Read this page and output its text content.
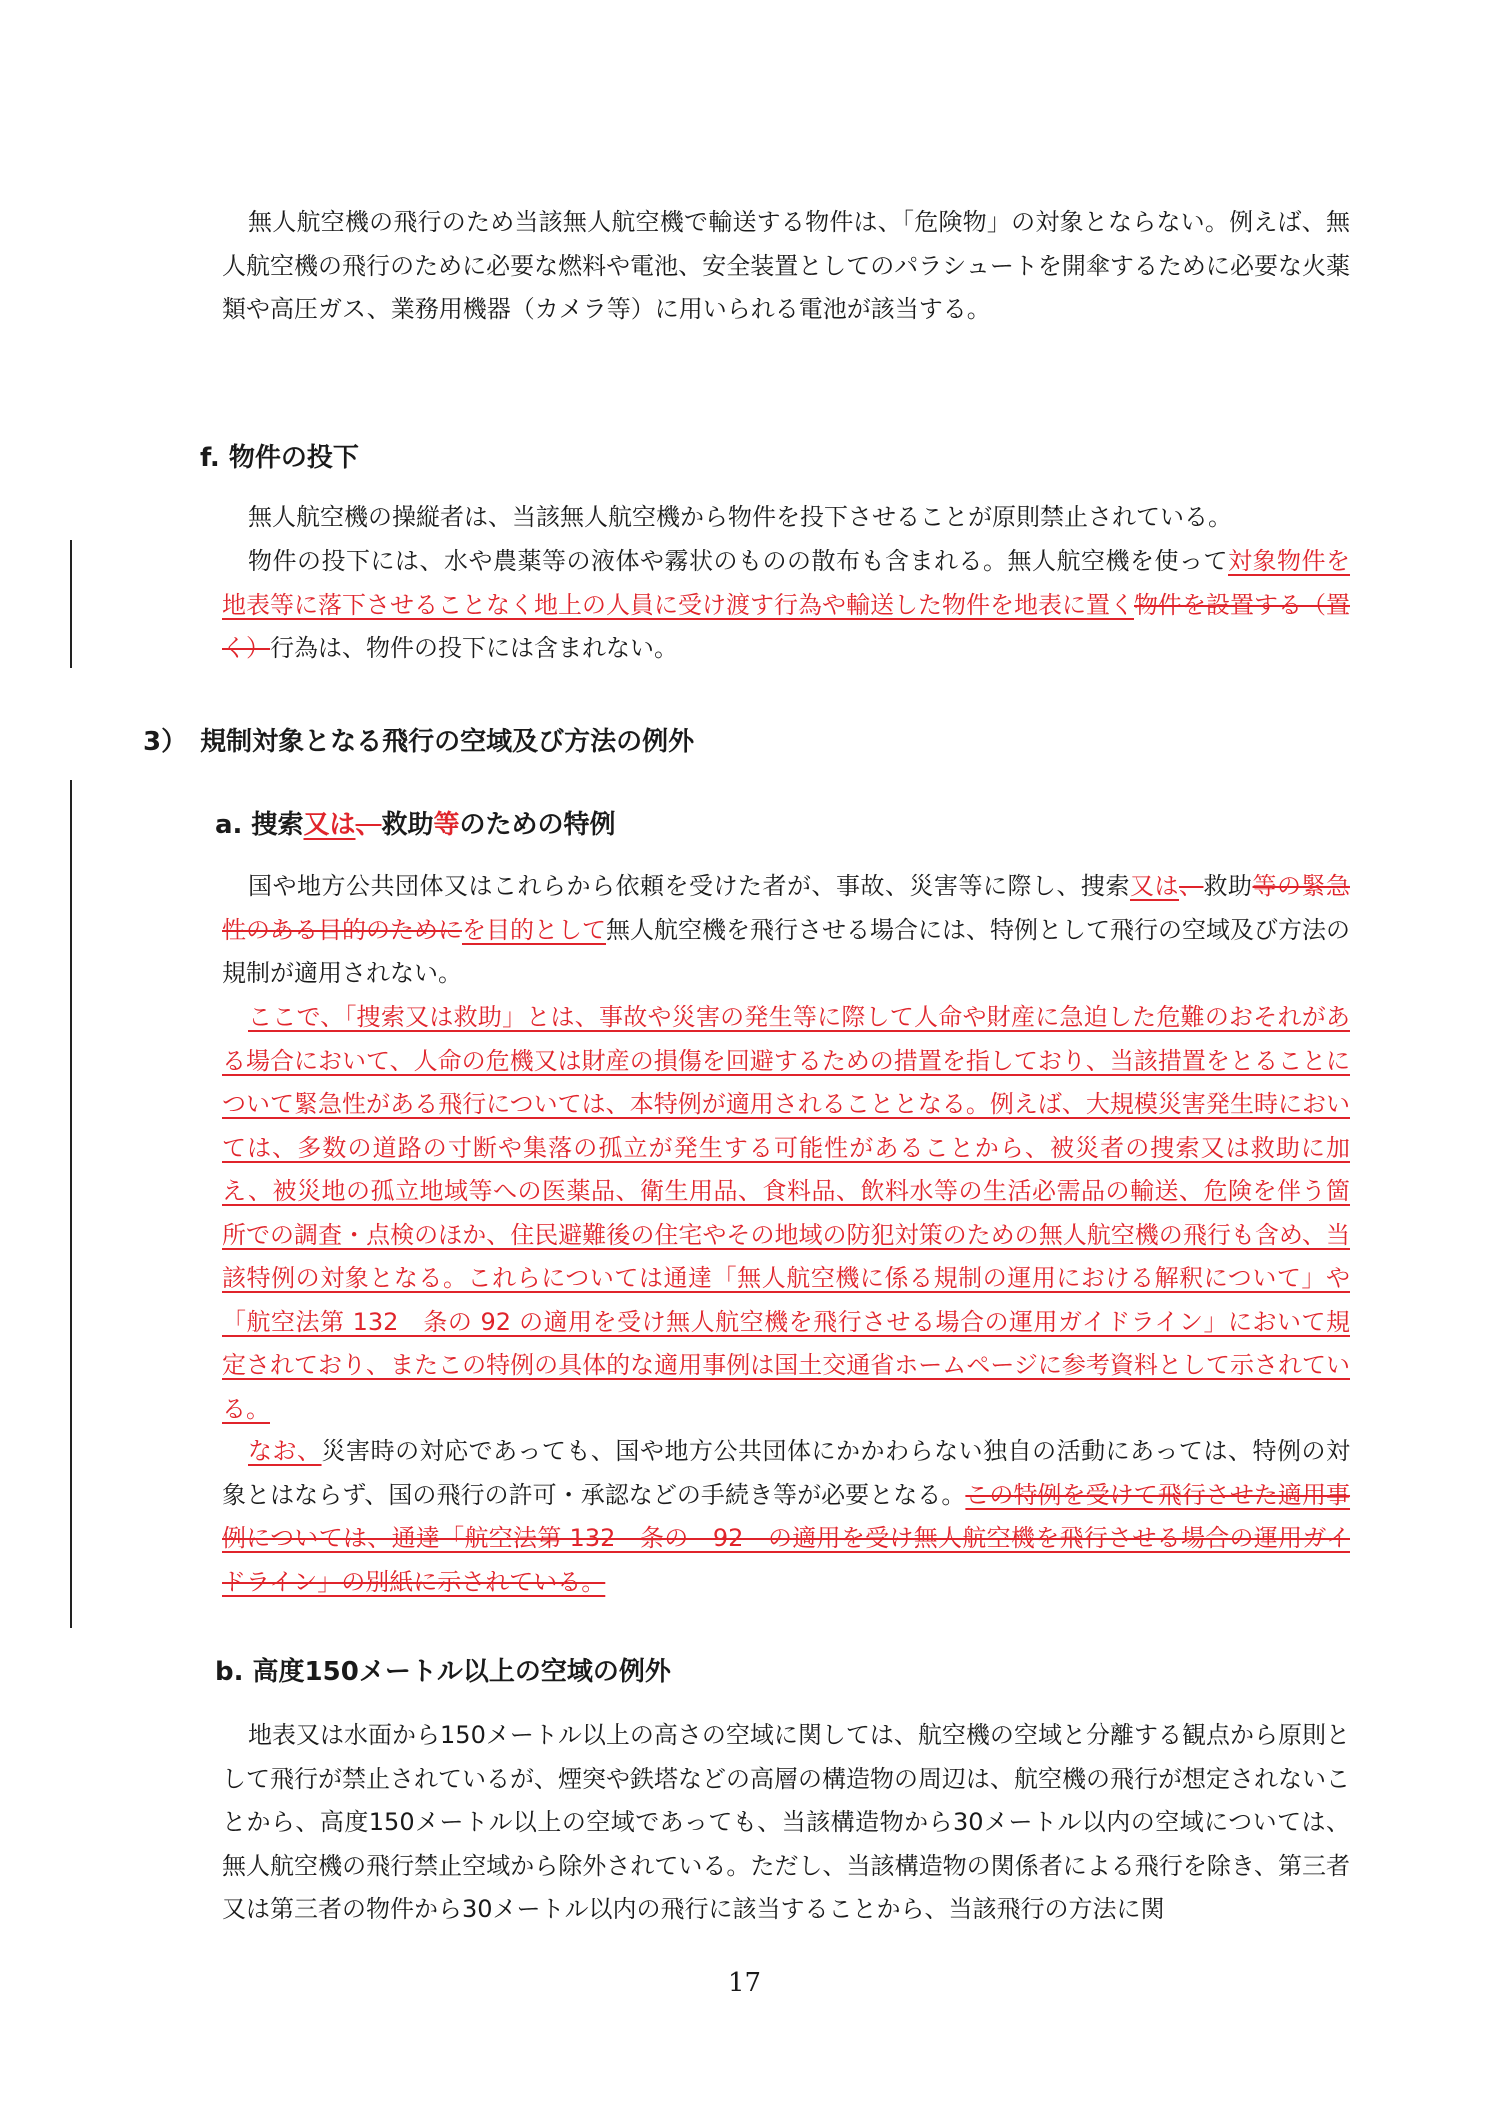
無人航空機の飛行のため当該無人航空機で輸送する物件は、「危険物」の対象とならない。例えば、無人航空機の飛行のために必要な燃料や電池、安全装置としてのパラシュートを開傘するために必要な火薬類や高圧ガス、業務用機器（カメラ等）に用いられる電池が該当する。

f. 物件の投下

無人航空機の操縦者は、当該無人航空機から物件を投下させることが原則禁止されている。

物件の投下には、水や農薬等の液体や霧状のものの散布も含まれる。無人航空機を使って対象物件を地表等に落下させることなく地上の人員に受け渡す行為や輸送した物件を地表に置く物件を設置する（置く）行為は、物件の投下には含まれない。

3）　規制対象となる飛行の空域及び方法の例外
a. 捜索又は、救助等のための特例

国や地方公共団体又はこれらから依頼を受けた者が、事故、災害等に際し、捜索又は、救助等の緊急性のある目的のためにを目的として無人航空機を飛行させる場合には、特例として飛行の空域及び方法の規制が適用されない。

ここで、「捜索又は救助」とは、事故や災害の発生等に際して人命や財産に急迫した危難のおそれがある場合において、人命の危機又は財産の損傷を回避するための措置を指しており、当該措置をとることについて緊急性がある飛行については、本特例が適用されることとなる。例えば、大規模災害発生時においては、多数の道路の寸断や集落の孤立が発生する可能性があることから、被災者の捜索又は救助に加え、被災地の孤立地域等への医薬品、衛生用品、食料品、飲料水等の生活必需品の輸送、危険を伴う箇所での調査・点検のほか、住民避難後の住宅やその地域の防犯対策のための無人航空機の飛行も含め、当該特例の対象となる。これらについては通達「無人航空機に係る規制の運用における解釈について」や「航空法第 132　条の 92 の適用を受け無人航空機を飛行させる場合の運用ガイドライン」において規定されており、またこの特例の具体的な適用事例は国土交通省ホームページに参考資料として示されている。

なお、災害時の対応であっても、国や地方公共団体にかかわらない独自の活動にあっては、特例の対象とはならず、国の飛行の許可・承認などの手続き等が必要となる。この特例を受けて飛行させた適用事例については、通達「航空法第 132　条の　92　の適用を受け無人航空機を飛行させる場合の運用ガイドライン」の別紙に示されている。

b. 高度150メートル以上の空域の例外

地表又は水面から150メートル以上の高さの空域に関しては、航空機の空域と分離する観点から原則として飛行が禁止されているが、煙突や鉄塔などの高層の構造物の周辺は、航空機の飛行が想定されないことから、高度150メートル以上の空域であっても、当該構造物から30メートル以内の空域については、無人航空機の飛行禁止空域から除外されている。ただし、当該構造物の関係者による飛行を除き、第三者又は第三者の物件から30メートル以内の飛行に該当することから、当該飛行の方法に関

17
